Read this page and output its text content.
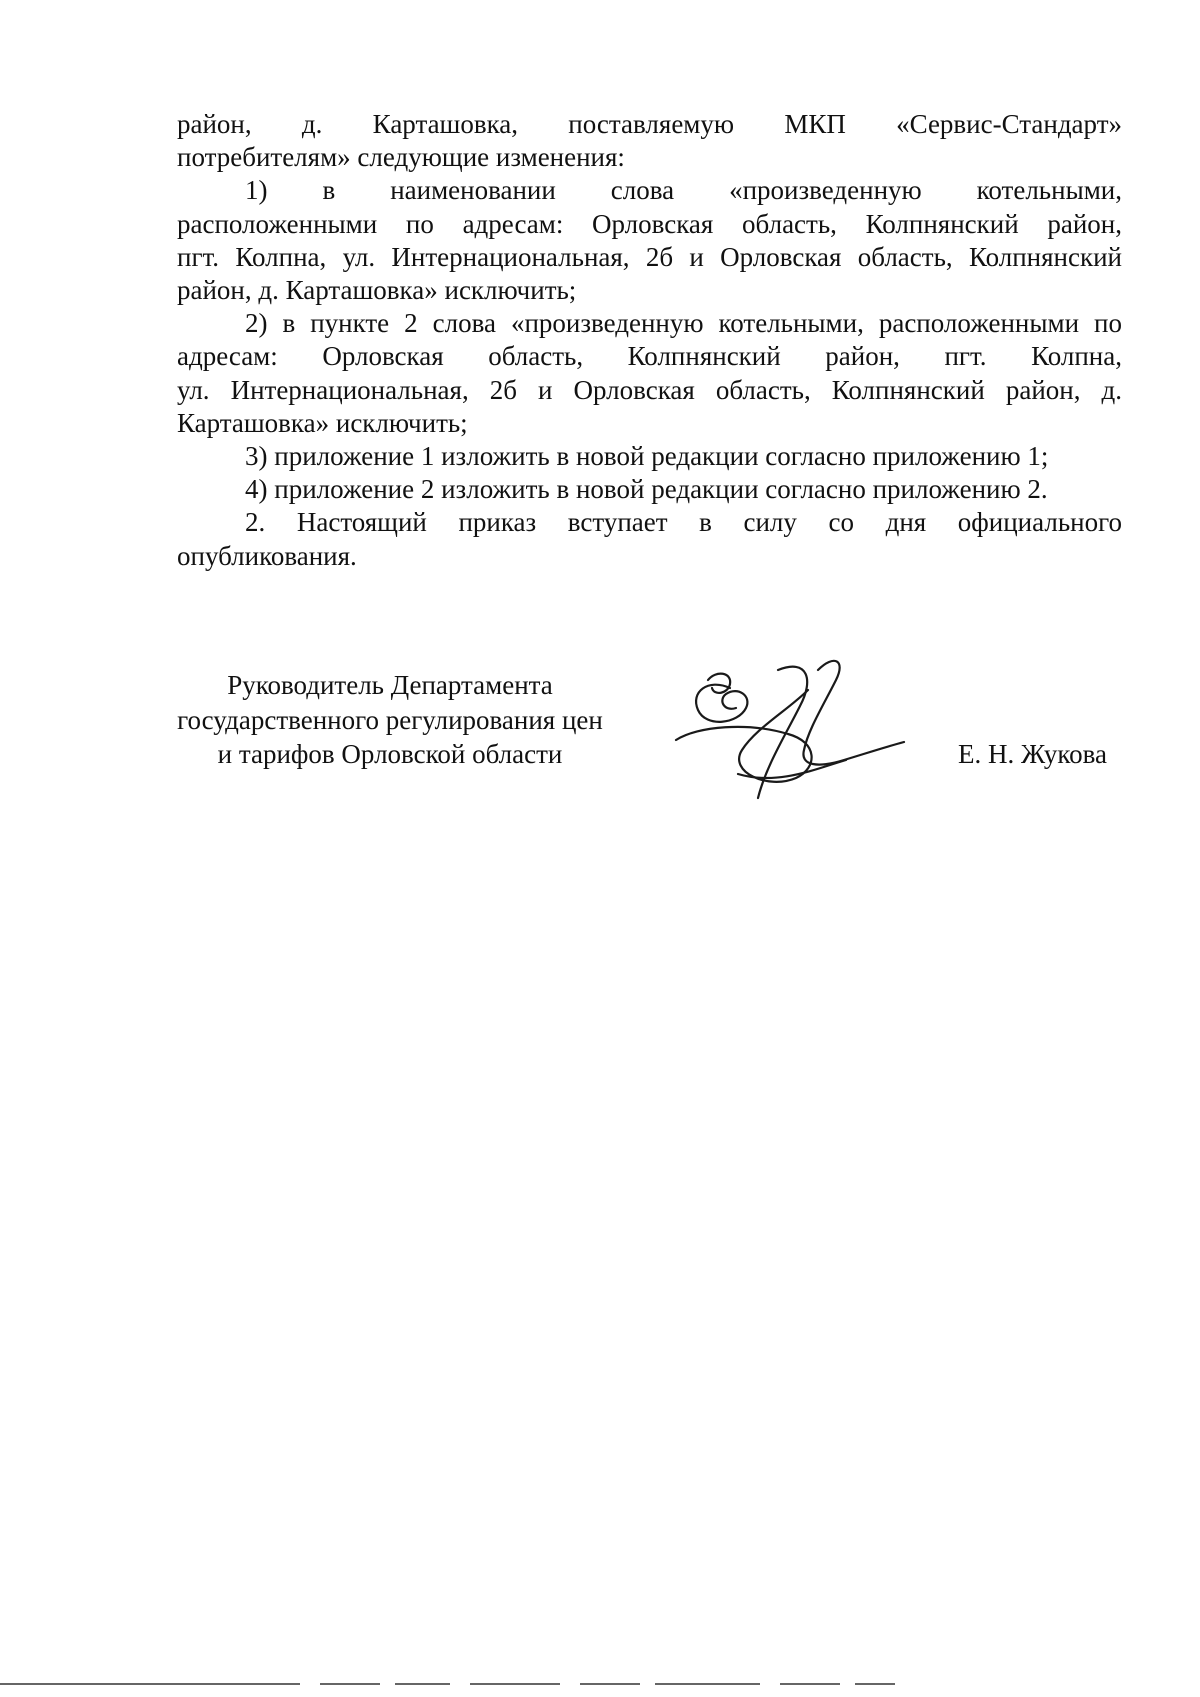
район, д. Карташовка, поставляемую МКП «Сервис-Стандарт»

потребителям» следующие изменения:

1) в наименовании слова «произведенную котельными,

расположенными по адресам: Орловская область, Колпнянский район,

пгт. Колпна, ул. Интернациональная, 2б и Орловская область, Колпнянский

район, д. Карташовка» исключить;

2) в пункте 2 слова «произведенную котельными, расположенными по

адресам: Орловская область, Колпнянский район, пгт. Колпна,

ул. Интернациональная, 2б и Орловская область, Колпнянский район, д.

Карташовка» исключить;

3) приложение 1 изложить в новой редакции согласно приложению 1;

4) приложение 2 изложить в новой редакции согласно приложению 2.

2. Настоящий приказ вступает в силу со дня официального

опубликования.

Руководитель Департамента
государственного регулирования цен
и тарифов Орловской области	Е. Н. Жукова
